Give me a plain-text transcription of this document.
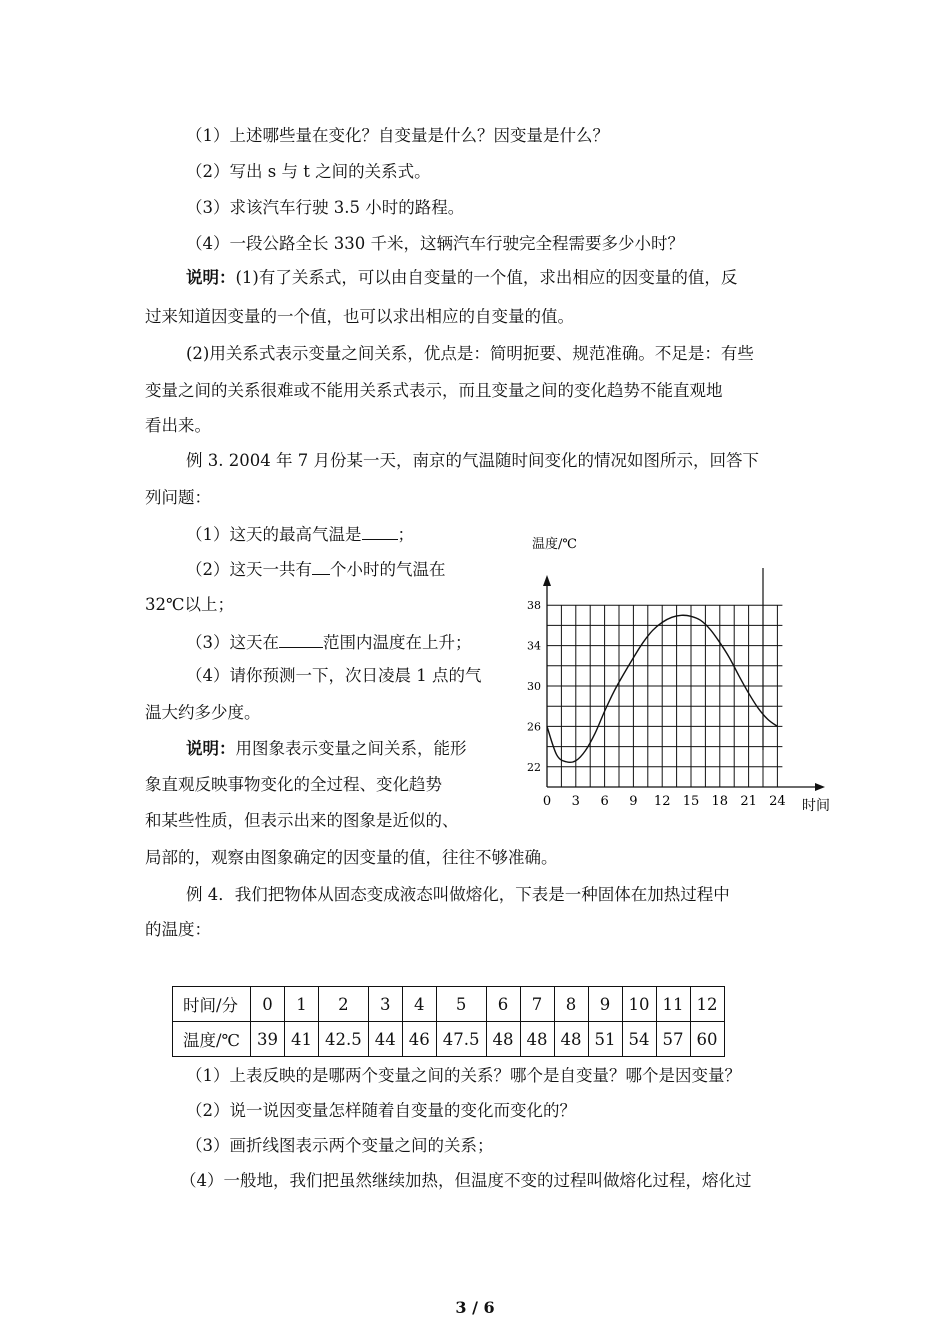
（1）上述哪些量在变化？自变量是什么？因变量是什么？
（2）写出 s 与 t 之间的关系式。
（3）求该汽车行驶 3.5 小时的路程。
（4）一段公路全长 330 千米，这辆汽车行驶完全程需要多少小时？
说明：(1)有了关系式，可以由自变量的一个值，求出相应的因变量的值，反
过来知道因变量的一个值，也可以求出相应的自变量的值。
(2)用关系式表示变量之间关系，优点是：简明扼要、规范准确。不足是：有些
变量之间的关系很难或不能用关系式表示，而且变量之间的变化趋势不能直观地
看出来。
例 3. 2004 年 7 月份某一天，南京的气温随时间变化的情况如图所示，回答下
列问题：
（1）这天的最高气温是 ；
（2）这天一共有 个小时的气温在
32℃以上；
（3）这天在	范围内温度在上升；
（4）请你预测一下，次日凌晨 1 点的气
温大约多少度。
说明：用图象表示变量之间关系，能形
象直观反映事物变化的全过程、变化趋势
和某些性质，但表示出来的图象是近似的、
局部的，观察由图象确定的因变量的值，往往不够准确。
例 4．我们把物体从固态变成液态叫做熔化，下表是一种固体在加热过程中
的温度：
时间/分	0	1	2	3	4	5	6	7	8	9	10	11	12
温度/℃	39	41	42.5	44	46	47.5	48	48	48	51	54	57	60
（1）上表反映的是哪两个变量之间的关系？哪个是自变量？哪个是因变量？
（2）说一说因变量怎样随着自变量的变化而变化的？
（3）画折线图表示两个变量之间的关系；
（4）一般地，我们把虽然继续加热，但温度不变的过程叫做熔化过程，熔化过
22
26
30
34
38
0 3 6 9 12 15 18 21 24
温度/℃
时间
3 / 6
